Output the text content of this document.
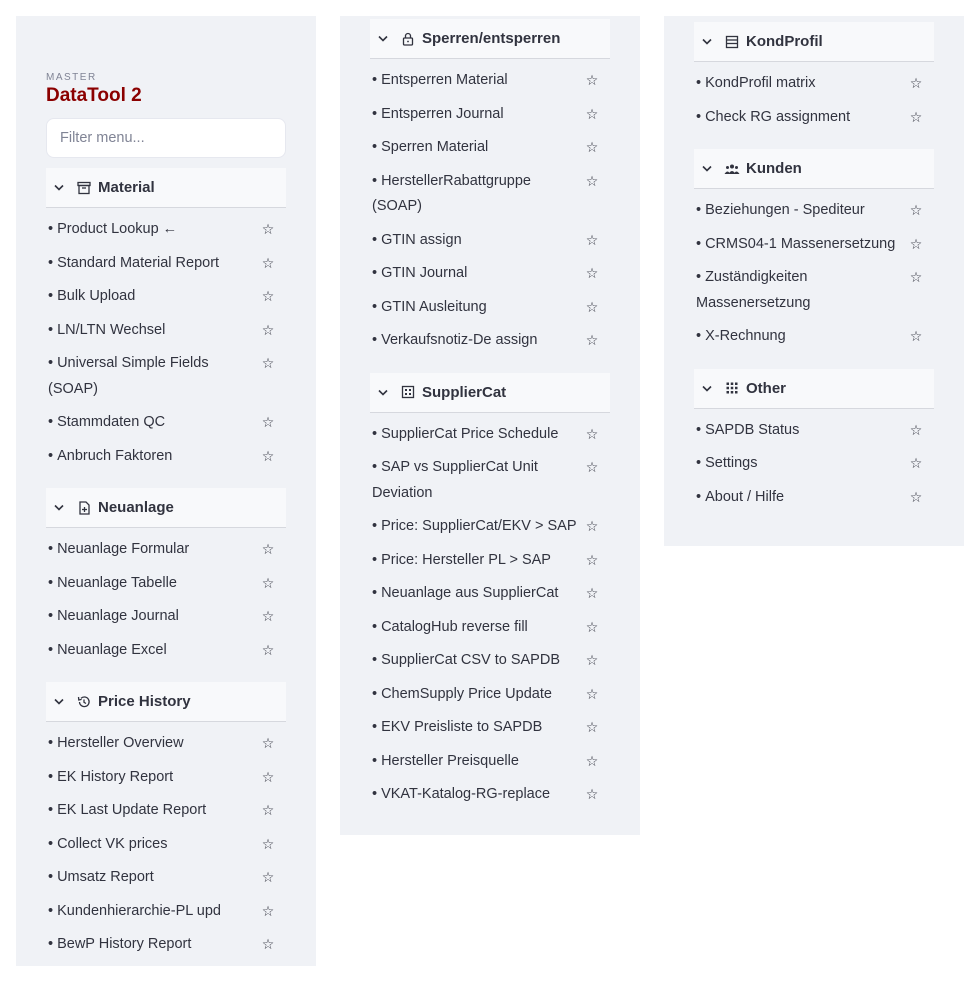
MASTER
DataTool 2
Filter menu...
Material
• Product Lookup ←	☆
• Standard Material Report	☆
• Bulk Upload	☆
• LN/LTN Wechsel	☆
• Universal Simple Fields (SOAP)
☆
• Stammdaten QC	☆
• Anbruch Faktoren	☆
Neuanlage
• Neuanlage Formular	☆
• Neuanlage Tabelle	☆
• Neuanlage Journal	☆
• Neuanlage Excel	☆
Price History
• Hersteller Overview	☆
• EK History Report	☆
• EK Last Update Report	☆
• Collect VK prices	☆
• Umsatz Report	☆
• Kundenhierarchie-PL upd	☆
• BewP History Report	☆
Sperren/entsperren
• Entsperren Material	☆
• Entsperren Journal	☆
• Sperren Material	☆
• HerstellerRabattgruppe (SOAP)
☆
• GTIN assign	☆
• GTIN Journal	☆
• GTIN Ausleitung	☆
• Verkaufsnotiz-De assign	☆
SupplierCat
• SupplierCat Price Schedule	☆
• SAP vs SupplierCat Unit Deviation
☆
• Price: SupplierCat/EKV > SAP ☆
• Price: Hersteller PL > SAP	☆
• Neuanlage aus SupplierCat	☆
• CatalogHub reverse fill	☆
• SupplierCat CSV to SAPDB	☆
• ChemSupply Price Update	☆
• EKV Preisliste to SAPDB	☆
• Hersteller Preisquelle	☆
• VKAT-Katalog-RG-replace	☆
KondProfil
• KondProfil matrix	☆
• Check RG assignment	☆
Kunden
• Beziehungen - Spediteur	☆
• CRMS04-1 Massenersetzung	☆
• Zuständigkeiten Massenersetzung
☆
• X-Rechnung	☆
Other
• SAPDB Status	☆
• Settings	☆
• About / Hilfe	☆
